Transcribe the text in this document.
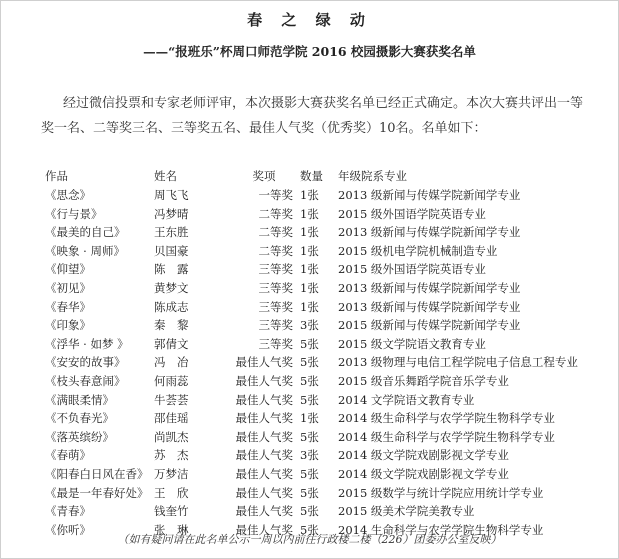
春 之 绿 动
——“报班乐”杯周口师范学院 2016 校园摄影大赛获奖名单
经过微信投票和专家老师评审，本次摄影大赛获奖名单已经正式确定。本次大赛共评出一等奖一名、二等奖三名、三等奖五名、最佳人气奖（优秀奖）10名。名单如下：
作品	姓名	奖项	数量	年级院系专业
《思念》	周飞飞	一等奖 1张	2013 级新闻与传媒学院新闻学专业
《行与景》	冯梦晴	二等奖 1张	2015 级外国语学院英语专业
《最美的自己》	王东胜	二等奖 1张	2013 级新闻与传媒学院新闻学专业
《映象 · 周师》	贝国豪	二等奖 1张	2015 级机电学院机械制造专业
《仰望》	陈　露	三等奖 1张	2015 级外国语学院英语专业
《初见》	黄梦文	三等奖 1张	2013 级新闻与传媒学院新闻学专业
《春华》	陈成志	三等奖 1张	2013 级新闻与传媒学院新闻学专业
《印象》	秦　黎	三等奖 3张	2015 级新闻与传媒学院新闻学专业
《浮华 · 如梦 》	郭倩文	三等奖 5张	2015 级文学院语文教育专业
《安安的故事》	冯　冶	最佳人气奖 5张	2013 级物理与电信工程学院电子信息工程专业
《枝头春意闹》	何雨蕊	最佳人气奖 5张	2015 级音乐舞蹈学院音乐学专业
《满眼柔情》	牛荟荟	最佳人气奖 5张	2014 文学院语文教育专业
《不负春光》	邵佳瑶	最佳人气奖 1张	2014 级生命科学与农学学院生物科学专业
《落英缤纷》	尚凯杰	最佳人气奖 5张	2014 级生命科学与农学学院生物科学专业
《春萌》	苏　杰	最佳人气奖 3张	2014 级文学院戏剧影视文学专业
《阳春白日风在香》 万梦洁	最佳人气奖 5张	2014 级文学院戏剧影视文学专业
《最是一年春好处》 王　欣	最佳人气奖 5张	2015 级数学与统计学院应用统计学专业
《青春》	钱奎竹	最佳人气奖 5张	2015 级美术学院美教专业
《你听》	张　琳	最佳人气奖 5张	2014 生命科学与农学学院生物科学专业
（如有疑问请在此名单公示一周以内前往行政楼二楼（226）团委办公室反映）
